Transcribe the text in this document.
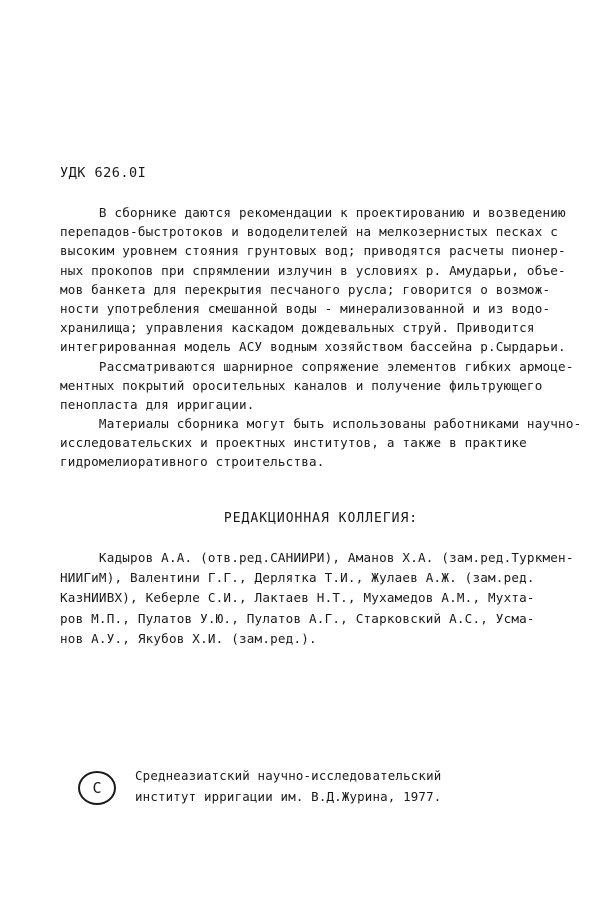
УДК 626.0I
В сборнике даются рекомендации к проектированию и возведению
перепадов-быстротоков и вододелителей на мелкозернистых песках с
высоким уровнем стояния грунтовых вод; приводятся расчеты пионер-
ных прокопов при спрямлении излучин в условиях р. Амударьи, объе-
мов банкета для перекрытия песчаного русла; говорится о возмож-
ности употребления смешанной воды - минерализованной и из водо-
хранилища; управления каскадом дождевальных струй. Приводится
интегрированная модель АСУ водным хозяйством бассейна р.Сырдарьи.
Рассматриваются шарнирное сопряжение элементов гибких армоце-
ментных покрытий оросительных каналов и получение фильтрующего
пенопласта для ирригации.
Материалы сборника могут быть использованы работниками научно-
исследовательских и проектных институтов, а также в практике
гидромелиоративного строительства.
РЕДАКЦИОННАЯ КОЛЛЕГИЯ:
Кадыров А.А. (отв.ред.САНИИРИ), Аманов Х.А. (зам.ред.Туркмен-
НИИГиМ), Валентини Г.Г., Дерлятка Т.И., Жулаев А.Ж. (зам.ред.
КазНИИВХ), Кеберле С.И., Лактаев Н.Т., Мухамедов А.М., Мухта-
ров М.П., Пулатов У.Ю., Пулатов А.Г., Старковский А.С., Усма-
нов А.У., Якубов Х.И. (зам.ред.).
C
Среднеазиатский научно-исследовательский
институт ирригации им. В.Д.Журина, 1977.
